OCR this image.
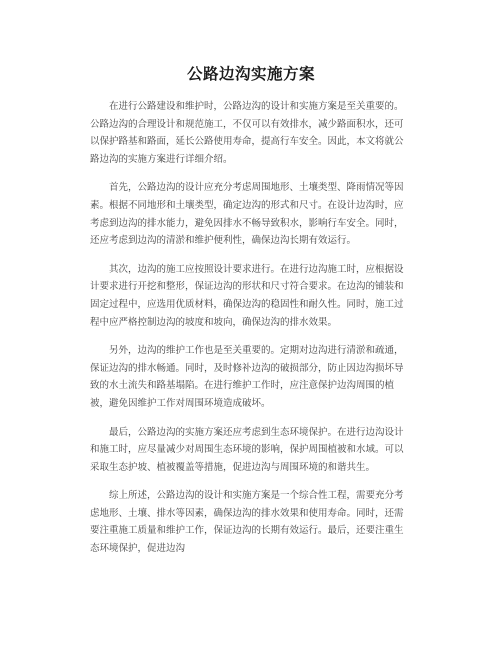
公路边沟实施方案

在进行公路建设和维护时，公路边沟的设计和实施方案是至关重要的。公路边沟的合理设计和规范施工，不仅可以有效排水，减少路面积水，还可以保护路基和路面，延长公路使用寿命，提高行车安全。因此，本文将就公路边沟的实施方案进行详细介绍。

首先，公路边沟的设计应充分考虑周围地形、土壤类型、降雨情况等因素。根据不同地形和土壤类型，确定边沟的形式和尺寸。在设计边沟时，应考虑到边沟的排水能力，避免因排水不畅导致积水，影响行车安全。同时，还应考虑到边沟的清淤和维护便利性，确保边沟长期有效运行。

其次，边沟的施工应按照设计要求进行。在进行边沟施工时，应根据设计要求进行开挖和整形，保证边沟的形状和尺寸符合要求。在边沟的铺装和固定过程中，应选用优质材料，确保边沟的稳固性和耐久性。同时，施工过程中应严格控制边沟的坡度和坡向，确保边沟的排水效果。

另外，边沟的维护工作也是至关重要的。定期对边沟进行清淤和疏通，保证边沟的排水畅通。同时，及时修补边沟的破损部分，防止因边沟损坏导致的水土流失和路基塌陷。在进行维护工作时，应注意保护边沟周围的植被，避免因维护工作对周围环境造成破坏。

最后，公路边沟的实施方案还应考虑到生态环境保护。在进行边沟设计和施工时，应尽量减少对周围生态环境的影响，保护周围植被和水域。可以采取生态护坡、植被覆盖等措施，促进边沟与周围环境的和谐共生。

综上所述，公路边沟的设计和实施方案是一个综合性工程，需要充分考虑地形、土壤、排水等因素，确保边沟的排水效果和使用寿命。同时，还需要注重施工质量和维护工作，保证边沟的长期有效运行。最后，还要注重生态环境保护，促进边沟
